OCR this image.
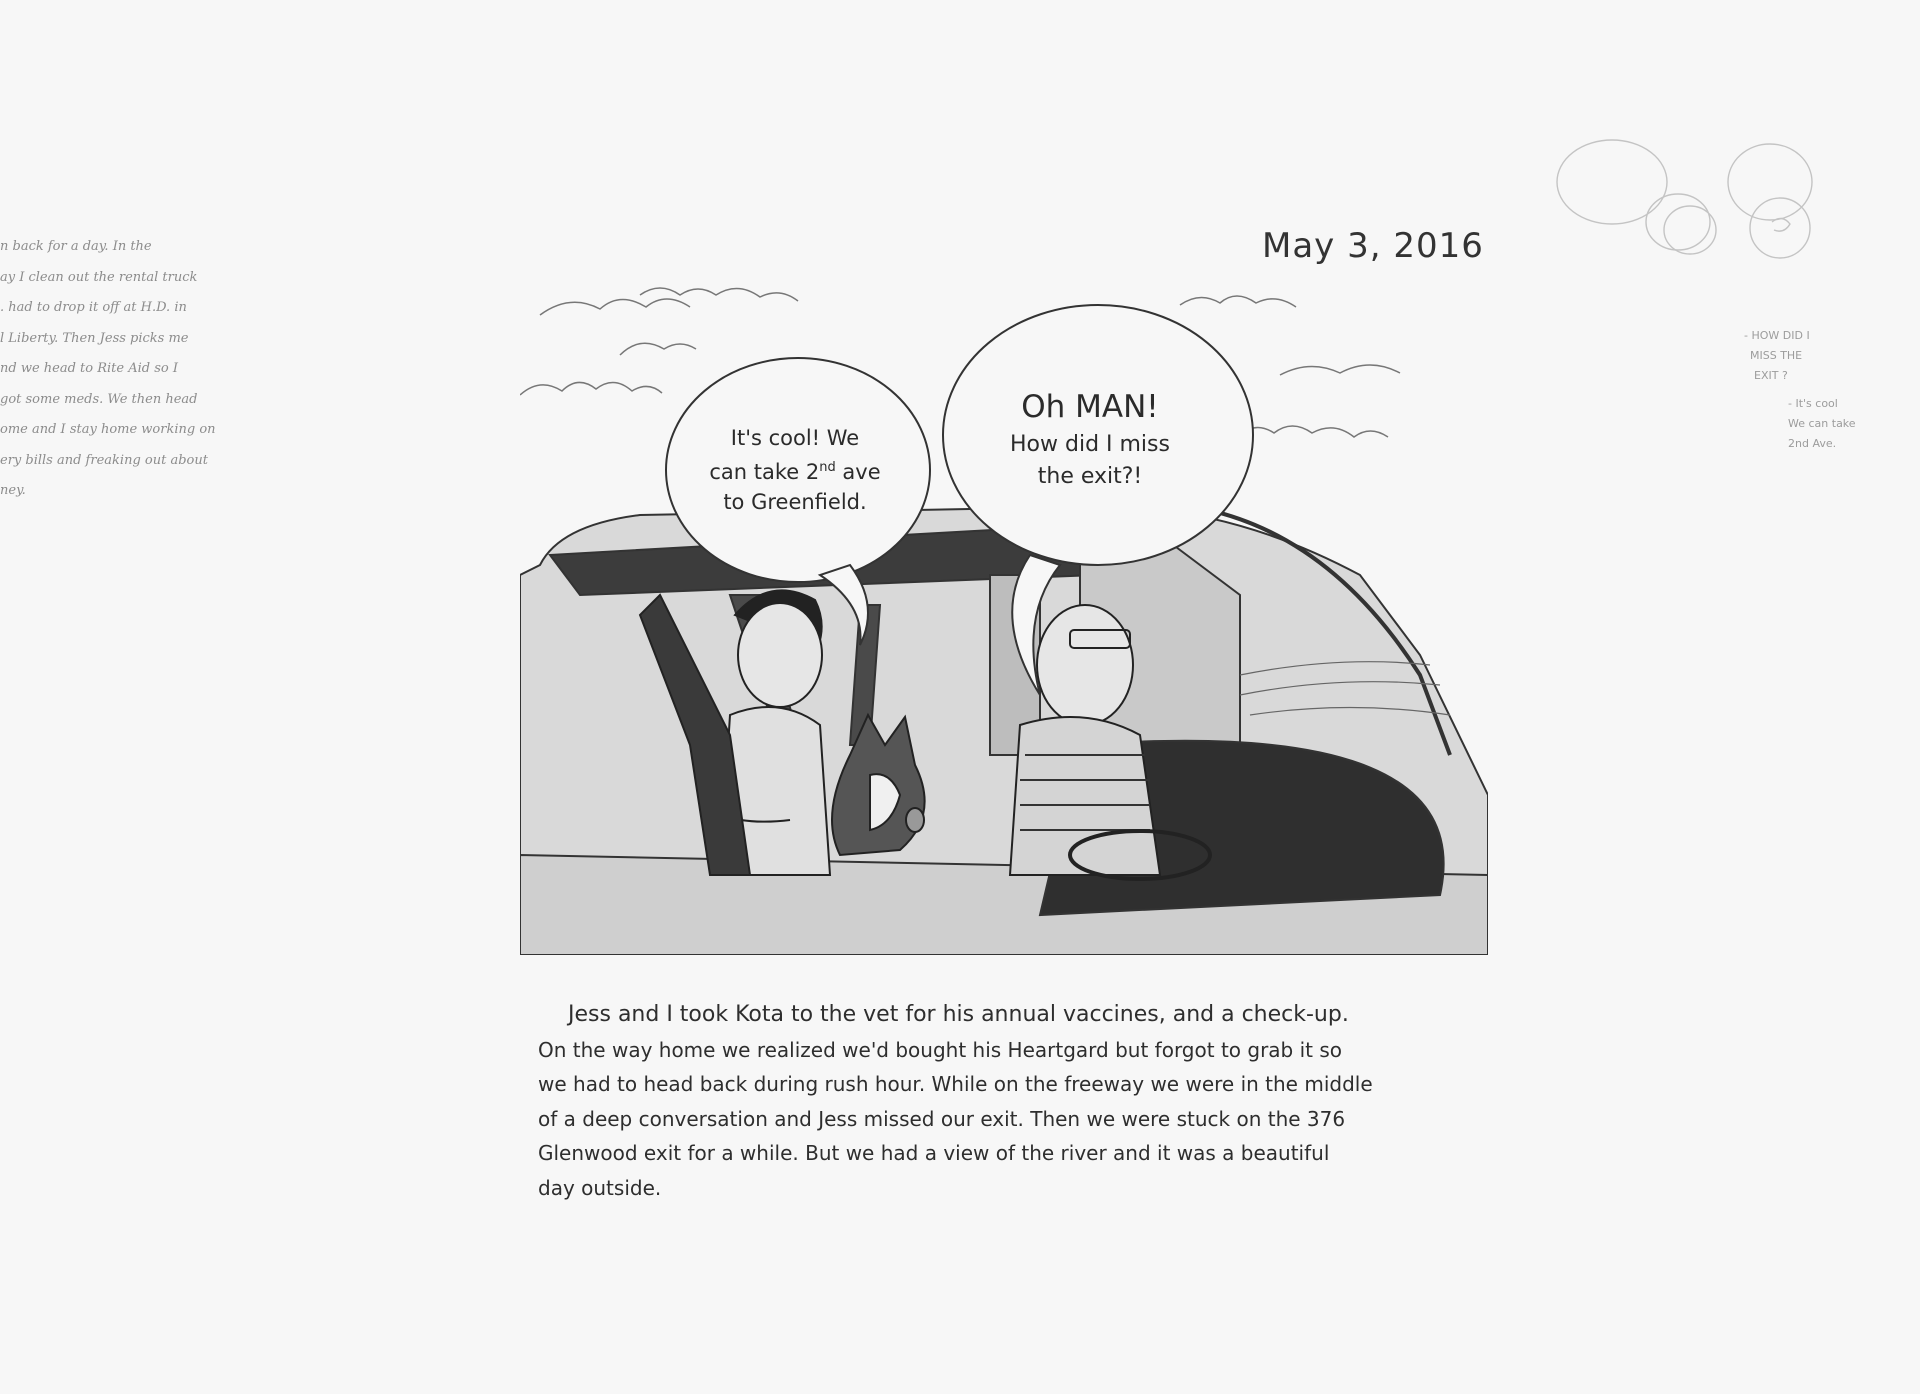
May 3, 2016
n back for a day. In the
ay I clean out the rental truck
. had to drop it off at H.D. in
l Liberty. Then Jess picks me
nd we head to Rite Aid so I
got some meds. We then head
ome and I stay home working on
ery bills and freaking out about
ney.
- HOW DID I
MISS THE
EXIT ?
- It's cool
We can take
2nd Ave.
It's cool! We
can take 2nd ave
to Greenfield.
Oh MAN!
How did I miss
the exit?!
Jess and I took Kota to the vet for his annual vaccines, and a check-up.
On the way home we realized we'd bought his Heartgard but forgot to grab it so
we had to head back during rush hour. While on the freeway we were in the middle
of a deep conversation and Jess missed our exit. Then we were stuck on the 376
Glenwood exit for a while. But we had a view of the river and it was a beautiful
day outside.
